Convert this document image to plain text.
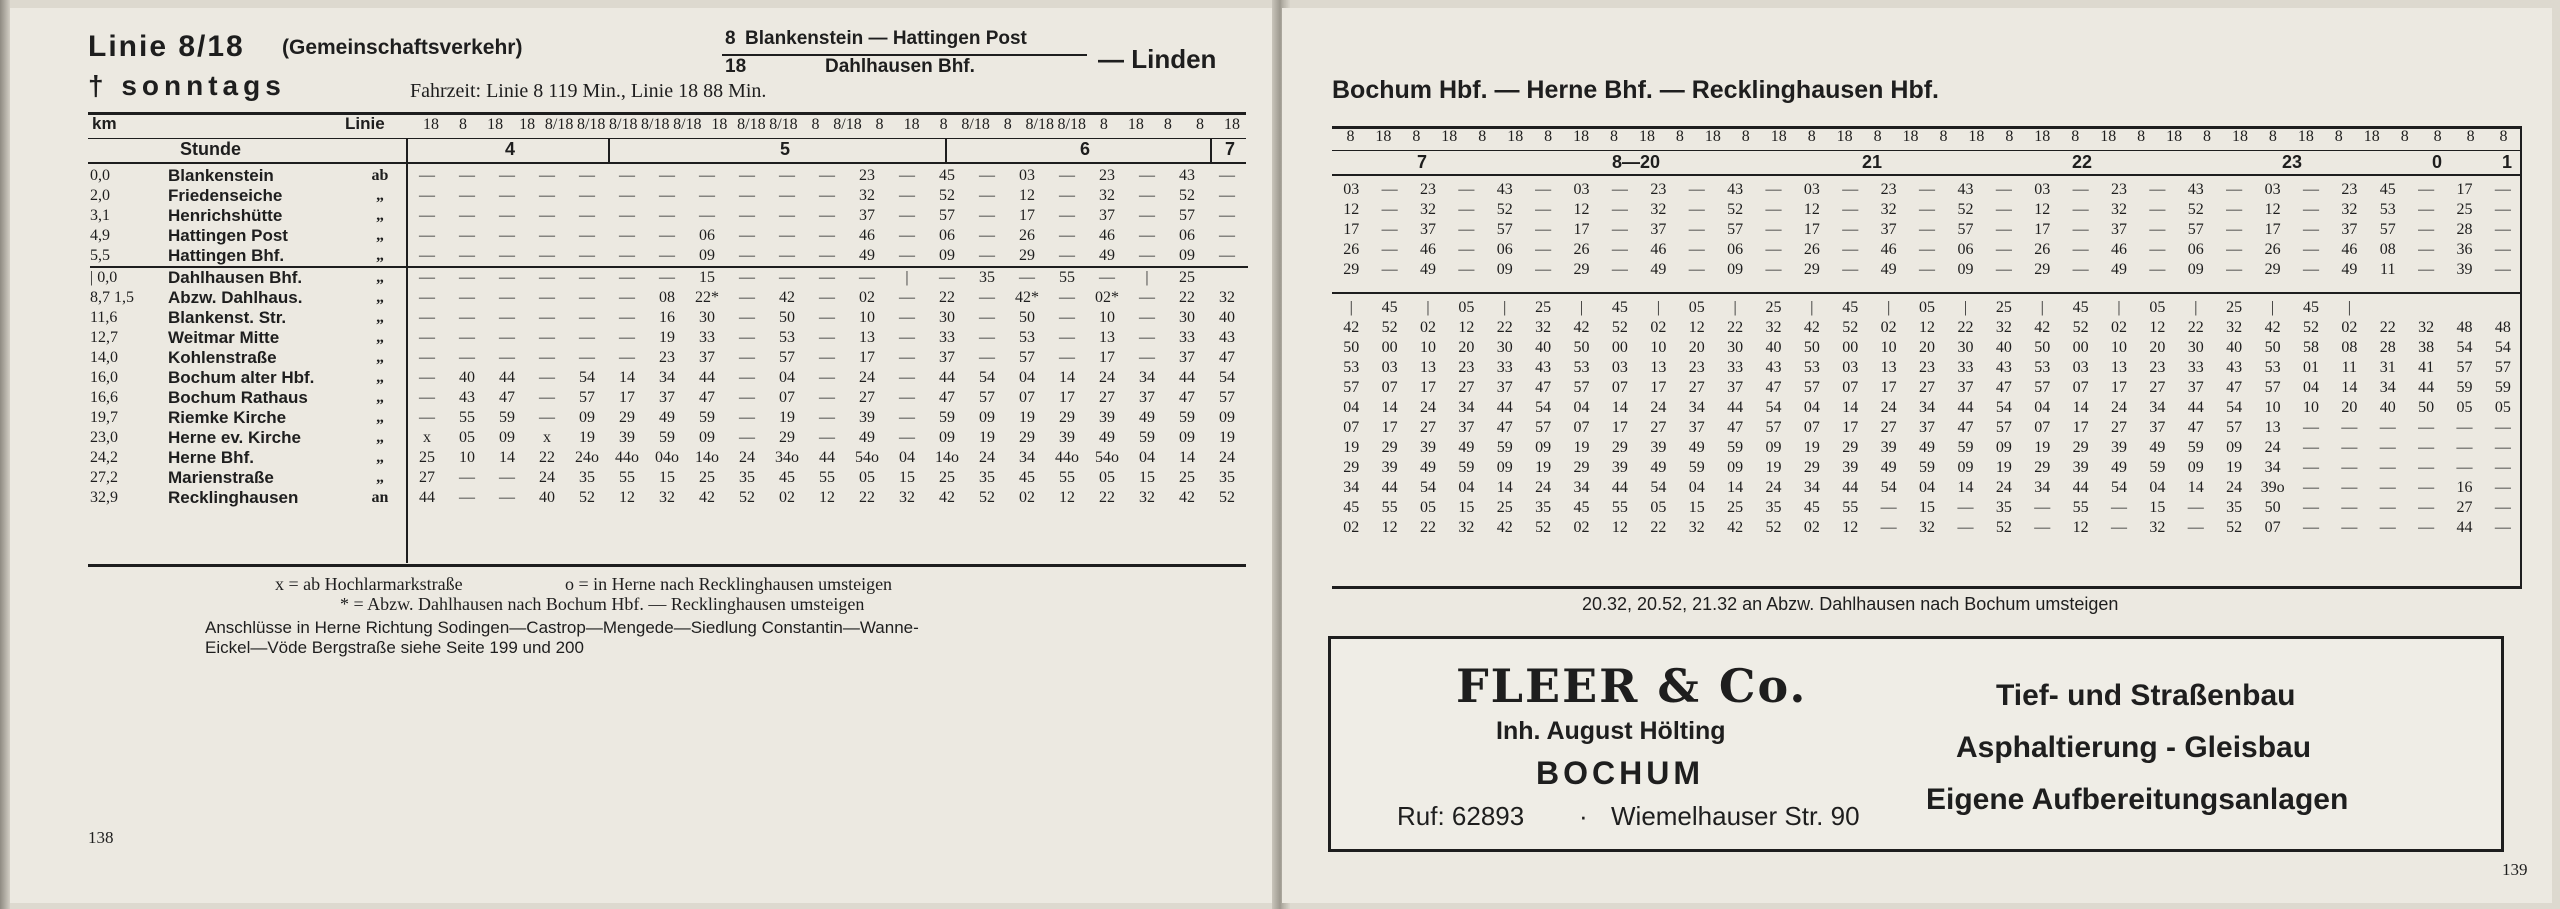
Linie 8/18 (Gemeinschaftsverkehr)
† sonntags	Fahrzeit: Linie 8 119 Min., Linie 18 88 Min.
8 Blankenstein — Hattingen Post
18	Dahlhausen Bhf.	— Linden
km	Linie	18	8	18	18 8/18 8/18 8/18 8/18 8/18 18 8/18 8/18 8 8/18 8	18	8 8/18 8 8/18 8/18 8	18	8	8	18
Stunde	4	5	6	7
0,0	Blankenstein	ab	—	—	—	—	—	—	—	—	—	—	—	23	—	45	—	03	—	23	—	43	—	
2,0	Friedenseiche	„	—	—	—	—	—	—	—	—	—	—	—	32	—	52	—	12	—	32	—	52	—	
3,1	Henrichshütte	„	—	—	—	—	—	—	—	—	—	—	—	37	—	57	—	17	—	37	—	57	—	
4,9	Hattingen Post	„	—	—	—	—	—	—	—	06	—	—	—	46	—	06	—	26	—	46	—	06	—	
5,5	Hattingen Bhf.	„	—	—	—	—	—	—	—	09	—	—	—	49	—	09	—	29	—	49	—	09	—	
| 0,0	Dahlhausen Bhf.	„	—	—	—	—	—	—	—	15	—	—	—	—	|	—	35	—	55	—	|	25		
8,7 1,5	Abzw. Dahlhaus.	„	—	—	—	—	—	—	08	22*	—	42	—	02	—	22	—	42*	—	02*	—	22	32	
11,6	Blankenst. Str.	„	—	—	—	—	—	—	16	30	—	50	—	10	—	30	—	50	—	10	—	30	40	
12,7	Weitmar Mitte	„	—	—	—	—	—	—	19	33	—	53	—	13	—	33	—	53	—	13	—	33	43	
14,0	Kohlenstraße	„	—	—	—	—	—	—	23	37	—	57	—	17	—	37	—	57	—	17	—	37	47	
16,0	Bochum alter Hbf.	„	—	40	44	—	54	14	34	44	—	04	—	24	—	44	54	04	14	24	34	44	54	
16,6	Bochum Rathaus	„	—	43	47	—	57	17	37	47	—	07	—	27	—	47	57	07	17	27	37	47	57	
19,7	Riemke Kirche	„	—	55	59	—	09	29	49	59	—	19	—	39	—	59	09	19	29	39	49	59	09	
23,0	Herne ev. Kirche	„	x	05	09	x	19	39	59	09	—	29	—	49	—	09	19	29	39	49	59	09	19	
24,2	Herne Bhf.	„	25	10	14	22	24o	44o	04o	14o	24	34o	44	54o	04	14o	24	34	44o	54o	04	14	24	
27,2	Marienstraße	„	27	—	—	24	35	55	15	25	35	45	55	05	15	25	35	45	55	05	15	25	35	
32,9	Recklinghausen	an	44	—	—	40	52	12	32	42	52	02	12	22	32	42	52	02	12	22	32	42	52	
x = ab Hochlarmarkstraße	o = in Herne nach Recklinghausen umsteigen
* = Abzw. Dahlhausen nach Bochum Hbf. — Recklinghausen umsteigen
Anschlüsse in Herne Richtung Sodingen—Castrop—Mengede—Siedlung Constantin—Wanne-
Eickel—Vöde Bergstraße siehe Seite 199 und 200
138
Bochum Hbf. — Herne Bhf. — Recklinghausen Hbf.
8	18	8	18	8	18	8	18	8	18	8	18	8	18	8	18	8	18	8	18	8	18	8	18	8	18	8	18	8	18	8	18	8	8	8	8
7	8—20	21	22	23	0	1
03	—	23	—	43	—	03	—	23	—	43	—	03	—	23	—	43	—	03	—	23	—	43	—	03	—	23	45	—	17	—
12	—	32	—	52	—	12	—	32	—	52	—	12	—	32	—	52	—	12	—	32	—	52	—	12	—	32	53	—	25	—
17	—	37	—	57	—	17	—	37	—	57	—	17	—	37	—	57	—	17	—	37	—	57	—	17	—	37	57	—	28	—
26	—	46	—	06	—	26	—	46	—	06	—	26	—	46	—	06	—	26	—	46	—	06	—	26	—	46	08	—	36	—
29	—	49	—	09	—	29	—	49	—	09	—	29	—	49	—	09	—	29	—	49	—	09	—	29	—	49	11	—	39	—
|	45	|	05	|	25	|	45	|	05	|	25	|	45	|	05	|	25	|	45	|	05	|	25	|	45	|				
42	52	02	12	22	32	42	52	02	12	22	32	42	52	02	12	22	32	42	52	02	12	22	32	42	52	02	22	32	48	48
50	00	10	20	30	40	50	00	10	20	30	40	50	00	10	20	30	40	50	00	10	20	30	40	50	58	08	28	38	54	54
53	03	13	23	33	43	53	03	13	23	33	43	53	03	13	23	33	43	53	03	13	23	33	43	53	01	11	31	41	57	57
57	07	17	27	37	47	57	07	17	27	37	47	57	07	17	27	37	47	57	07	17	27	37	47	57	04	14	34	44	59	59
04	14	24	34	44	54	04	14	24	34	44	54	04	14	24	34	44	54	04	14	24	34	44	54	10	10	20	40	50	05	05
07	17	27	37	47	57	07	17	27	37	47	57	07	17	27	37	47	57	07	17	27	37	47	57	13	—	—	—	—	—	—
19	29	39	49	59	09	19	29	39	49	59	09	19	29	39	49	59	09	19	29	39	49	59	09	24	—	—	—	—	—	—
29	39	49	59	09	19	29	39	49	59	09	19	29	39	49	59	09	19	29	39	49	59	09	19	34	—	—	—	—	—	—
34	44	54	04	14	24	34	44	54	04	14	24	34	44	54	04	14	24	34	44	54	04	14	24	39o	—	—	—	—	16	—
45	55	05	15	25	35	45	55	05	15	25	35	45	55	—	15	—	35	—	55	—	15	—	35	50	—	—	—	—	27	—
02	12	22	32	42	52	02	12	22	32	42	52	02	12	—	32	—	52	—	12	—	32	—	52	07	—	—	—	—	44	—
20.32, 20.52, 21.32 an Abzw. Dahlhausen nach Bochum umsteigen
FLEER & Co.
Inh. August Hölting
BOCHUM
Ruf: 62893 · Wiemelhauser Str. 90
Tief- und Straßenbau
Asphaltierung - Gleisbau
Eigene Aufbereitungsanlagen
139
